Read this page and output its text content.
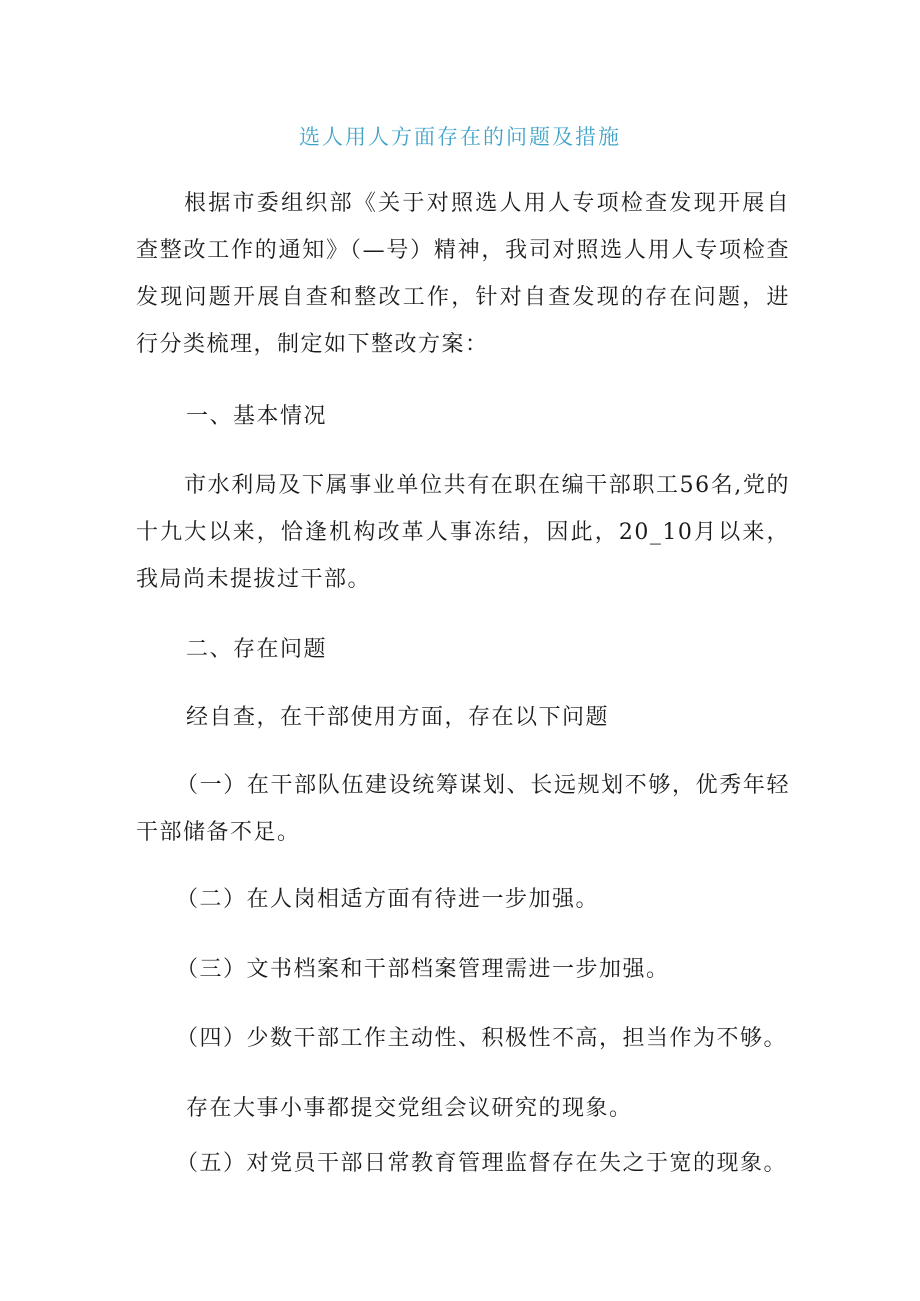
选人用人方面存在的问题及措施

根据市委组织部《关于对照选人用人专项检查发现开展自查整改工作的通知》（—号）精神，我司对照选人用人专项检查发现问题开展自查和整改工作，针对自查发现的存在问题，进行分类梳理，制定如下整改方案：

一、基本情况

市水利局及下属事业单位共有在职在编干部职工56名,党的十九大以来，恰逢机构改革人事冻结，因此，20_10月以来，我局尚未提拔过干部。

二、存在问题

经自查，在干部使用方面，存在以下问题

（一）在干部队伍建设统筹谋划、长远规划不够，优秀年轻干部储备不足。

（二）在人岗相适方面有待进一步加强。

（三）文书档案和干部档案管理需进一步加强。

（四）少数干部工作主动性、积极性不高，担当作为不够。

存在大事小事都提交党组会议研究的现象。

（五）对党员干部日常教育管理监督存在失之于宽的现象。
